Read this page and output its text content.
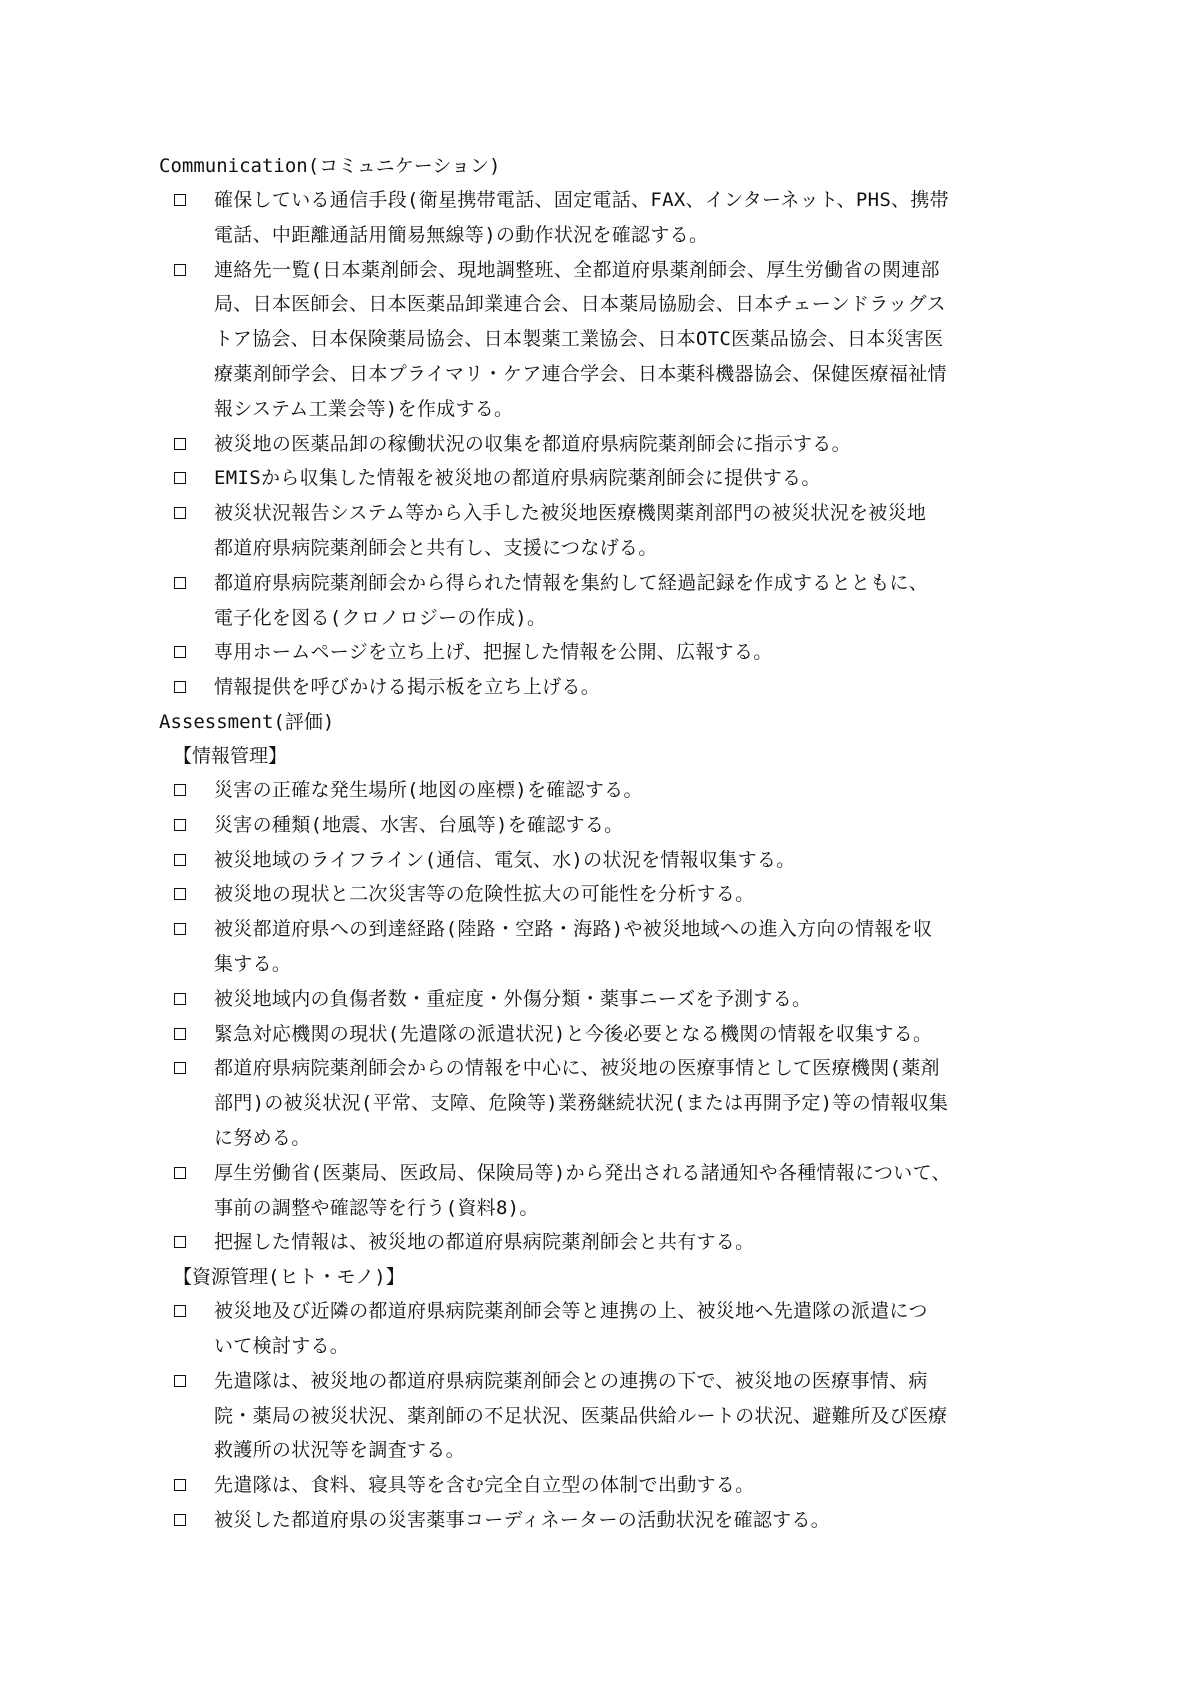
Communication(コミュニケーション)
確保している通信手段(衛星携帯電話、固定電話、FAX、インターネット、PHS、携帯
電話、中距離通話用簡易無線等)の動作状況を確認する。
連絡先一覧(日本薬剤師会、現地調整班、全都道府県薬剤師会、厚生労働省の関連部
局、日本医師会、日本医薬品卸業連合会、日本薬局協励会、日本チェーンドラッグス
トア協会、日本保険薬局協会、日本製薬工業協会、日本OTC医薬品協会、日本災害医
療薬剤師学会、日本プライマリ・ケア連合学会、日本薬科機器協会、保健医療福祉情
報システム工業会等)を作成する。
被災地の医薬品卸の稼働状況の収集を都道府県病院薬剤師会に指示する。
EMISから収集した情報を被災地の都道府県病院薬剤師会に提供する。
被災状況報告システム等から入手した被災地医療機関薬剤部門の被災状況を被災地
都道府県病院薬剤師会と共有し、支援につなげる。
都道府県病院薬剤師会から得られた情報を集約して経過記録を作成するとともに、
電子化を図る(クロノロジーの作成)。
専用ホームページを立ち上げ、把握した情報を公開、広報する。
情報提供を呼びかける掲示板を立ち上げる。
Assessment(評価)
【情報管理】
災害の正確な発生場所(地図の座標)を確認する。
災害の種類(地震、水害、台風等)を確認する。
被災地域のライフライン(通信、電気、水)の状況を情報収集する。
被災地の現状と二次災害等の危険性拡大の可能性を分析する。
被災都道府県への到達経路(陸路・空路・海路)や被災地域への進入方向の情報を収
集する。
被災地域内の負傷者数・重症度・外傷分類・薬事ニーズを予測する。
緊急対応機関の現状(先遣隊の派遣状況)と今後必要となる機関の情報を収集する。
都道府県病院薬剤師会からの情報を中心に、被災地の医療事情として医療機関(薬剤
部門)の被災状況(平常、支障、危険等)業務継続状況(または再開予定)等の情報収集
に努める。
厚生労働省(医薬局、医政局、保険局等)から発出される諸通知や各種情報について、
事前の調整や確認等を行う(資料8)。
把握した情報は、被災地の都道府県病院薬剤師会と共有する。
【資源管理(ヒト・モノ)】
被災地及び近隣の都道府県病院薬剤師会等と連携の上、被災地へ先遣隊の派遣につ
いて検討する。
先遣隊は、被災地の都道府県病院薬剤師会との連携の下で、被災地の医療事情、病
院・薬局の被災状況、薬剤師の不足状況、医薬品供給ルートの状況、避難所及び医療
救護所の状況等を調査する。
先遣隊は、食料、寝具等を含む完全自立型の体制で出動する。
被災した都道府県の災害薬事コーディネーターの活動状況を確認する。
